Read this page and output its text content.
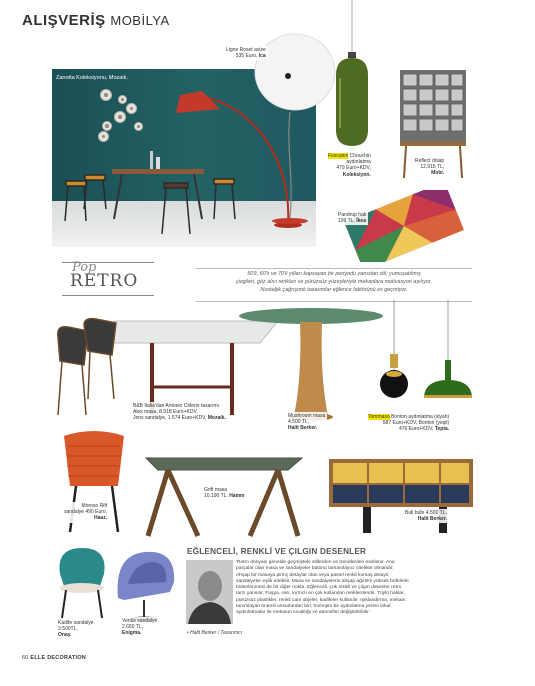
ALIŞVERİŞ MOBİLYA
Zanotta Koleksiyonu, Mozaik.
Ligne Roset avize
535 Euro, Ica
Foscarini Chouchin
aydınlatma
479 Euro+KDV,
Koleksiyon.
Reflect dolap
12.915 TL,
Mobi.
Pandrup halı
199 TL, İkea
Pop
RETRO	50'li, 60'lı ve 70'li yılları kapsayan bir periyodu yansıtan stil; yumuşatılmış
çizgileri, göz alıcı renkleri ve pürüzsüz yüzeyleriyle mekanlara motivasyon aşılıyor.
Nostaljik çağrışımlı tasarımlar eğlence faktörünü es geçmiyor.
B&B Italia'dan Antonio Citterio tasarımı
Alex masa, 8.918 Euro+KDV.
Jens sandalye, 1.574 Euro+KDV, Mozaik.	Mushroom masa
4.500 TL,
Halit Berker.
Tommaso Bonton aydınlatma (siyah)
587 Euro+KDV, Bonton (yeşil)
476 Euro+KDV, Tepta.
Moroso Rift
sandalye 490 Euro,
Haaz.
Grift masa
10.190 TL, Hamm
Bull büfe 4.500 TL,
Halit Berker.
Kadife sandalye
3.500TL,
Onay.
Venüs sandalye
2.650 TL,
Enigma.
EĞLENCELİ, RENKLİ VE ÇILGIN DESENLER
'Retro dünyası genelde geçmişteki stillerden ve trendlerden esinlenir. Ana
parçalar olan masa ve sandalyeler bütünü tamamlayıcı nitelikte olmalıdır.
Ahşap bir masaya pirinç detaylar olan veya pastel renkli kumaş detaylı
sandalyeler eşlik edebilir. Masa ve sandalyelerin ahşap ağırlıklı yüksek büfelerle
bütünlenmesi de bir diğer nokta. Eğlenceli, çok renkli ve çılgın desenler retro
tarzı yansıtır. Fuşya, sarı, kırmızı en çok kullanılan renklerdendir. Tüylü halılar,
pürüzsüz plastikler, renkli cam objeler, kadifeler kullanılır. Işıklandırma, mekanı
tanımlayan önemli unsurlardan biri; homojen bir aydınlatma yerine lokal
aydınlatmalar ile mekanın sıcaklığı ve atmosferi değiştirilebilir.'
• Halit Berker / Tasarımcı
60 ELLE DECORATION
